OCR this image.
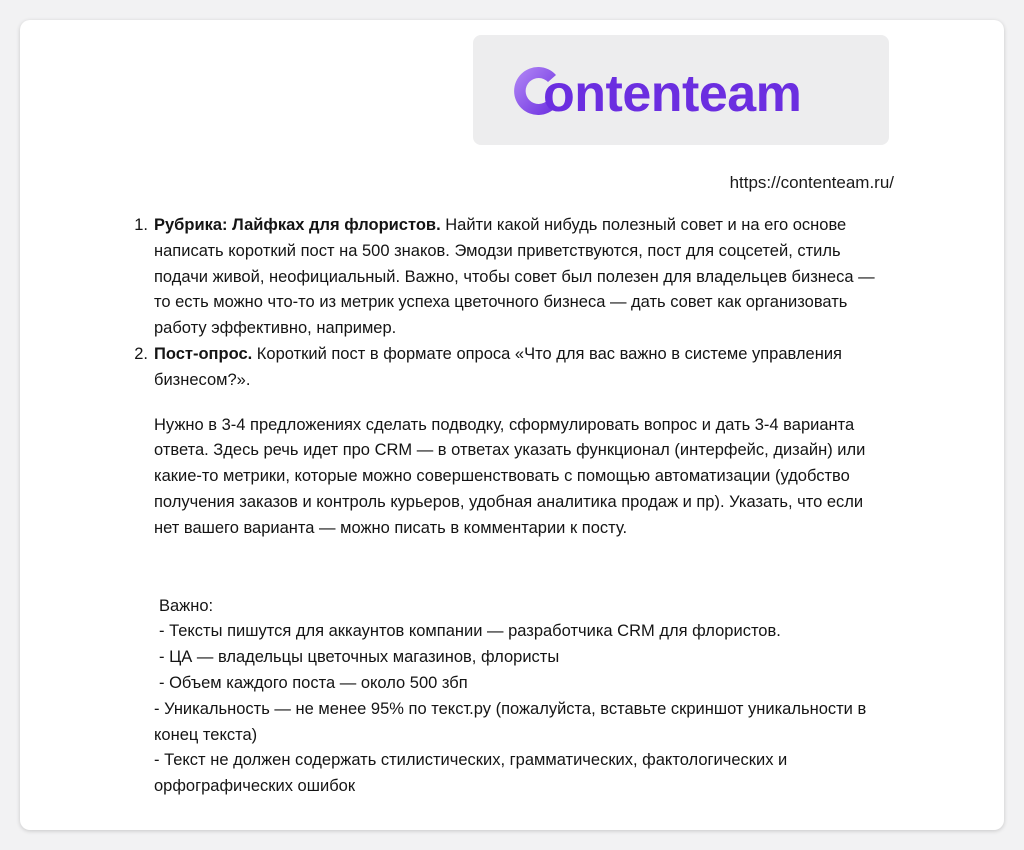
ontenteam
https://contenteam.ru/
1. Рубрика: Лайфках для флористов. Найти какой нибудь полезный совет и на его основе написать короткий пост на 500 знаков. Эмодзи приветствуются, пост для соцсетей, стиль подачи живой, неофициальный. Важно, чтобы совет был полезен для владельцев бизнеса — то есть можно что-то из метрик успеха цветочного бизнеса — дать совет как организовать работу эффективно, например.
2. Пост-опрос. Короткий пост в формате опроса «Что для вас важно в системе управления бизнесом?».
Нужно в 3-4 предложениях сделать подводку, сформулировать вопрос и дать 3-4 варианта ответа. Здесь речь идет про CRM — в ответах указать функционал (интерфейс, дизайн) или какие-то метрики, которые можно совершенствовать с помощью автоматизации (удобство получения заказов и контроль курьеров, удобная аналитика продаж и пр). Указать, что если нет вашего варианта — можно писать в комментарии к посту.
Важно:
- Тексты пишутся для аккаунтов компании — разработчика CRM для флористов.
- ЦА — владельцы цветочных магазинов, флористы
- Объем каждого поста — около 500 збп
- Уникальность — не менее 95% по текст.ру (пожалуйста, вставьте скриншот уникальности в конец текста)
- Текст не должен содержать стилистических, грамматических, фактологических и орфографических ошибок
